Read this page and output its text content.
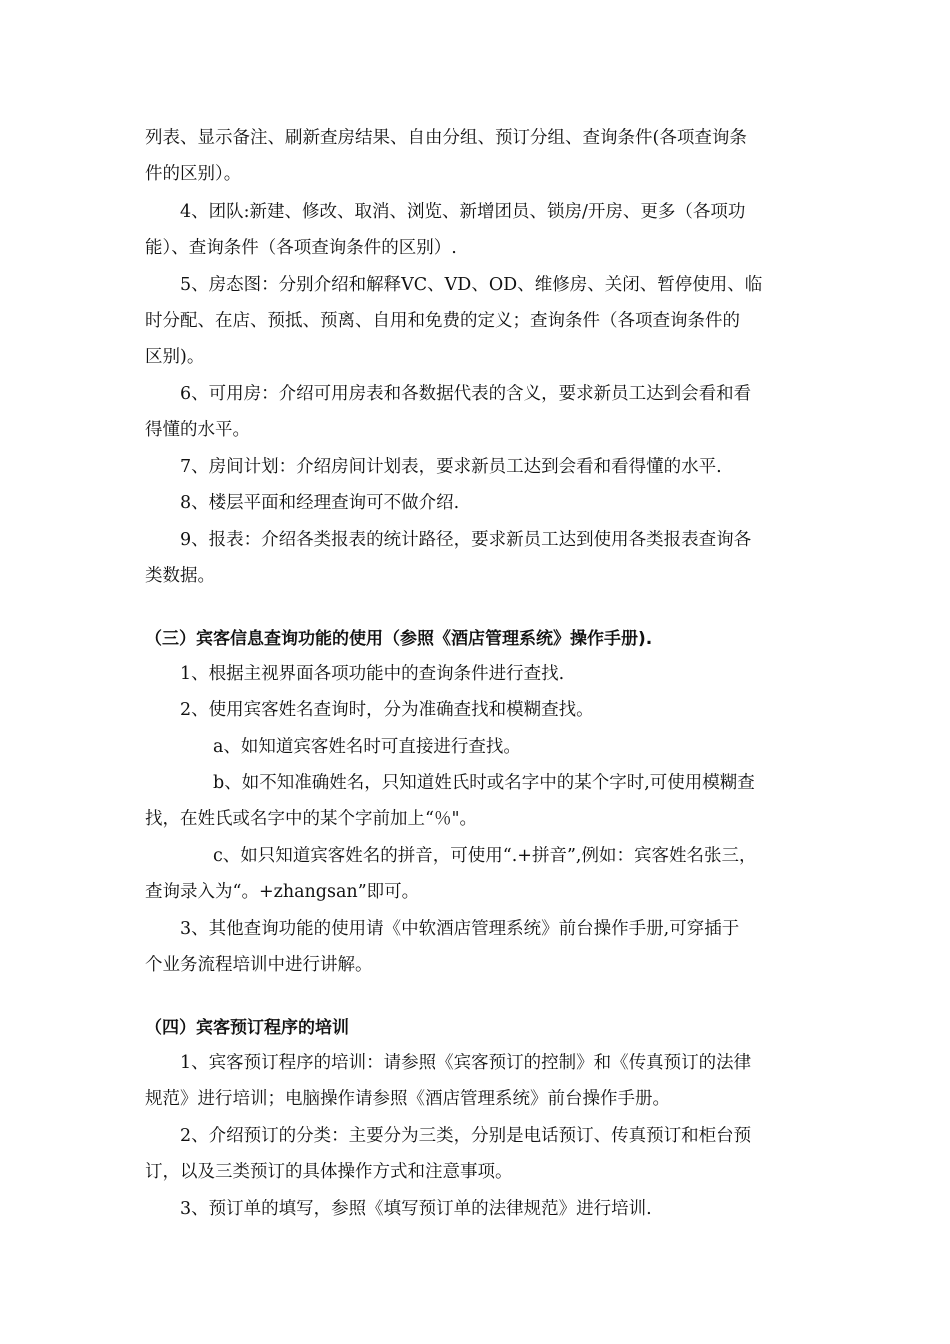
列表、显示备注、刷新查房结果、自由分组、预订分组、查询条件(各项查询条
件的区别）。
4、团队:新建、修改、取消、浏览、新增团员、锁房/开房、更多（各项功
能）、查询条件（各项查询条件的区别）.
5、房态图：分别介绍和解释VC、VD、OD、维修房、关闭、暂停使用、临
时分配、在店、预抵、预离、自用和免费的定义；查询条件（各项查询条件的
区别)。
6、可用房：介绍可用房表和各数据代表的含义，要求新员工达到会看和看
得懂的水平。
7、房间计划：介绍房间计划表，要求新员工达到会看和看得懂的水平.
8、楼层平面和经理查询可不做介绍.
9、报表：介绍各类报表的统计路径，要求新员工达到使用各类报表查询各
类数据。
（三）宾客信息查询功能的使用（参照《酒店管理系统》操作手册).
1、根据主视界面各项功能中的查询条件进行查找.
2、使用宾客姓名查询时，分为准确查找和模糊查找。
a、如知道宾客姓名时可直接进行查找。
b、如不知准确姓名，只知道姓氏时或名字中的某个字时,可使用模糊查
找，在姓氏或名字中的某个字前加上“％"。
c、如只知道宾客姓名的拼音，可使用“.+拼音”,例如：宾客姓名张三，
查询录入为“。+zhangsan”即可。
3、其他查询功能的使用请《中软酒店管理系统》前台操作手册,可穿插于
个业务流程培训中进行讲解。
（四）宾客预订程序的培训
1、宾客预订程序的培训：请参照《宾客预订的控制》和《传真预订的法律
规范》进行培训；电脑操作请参照《酒店管理系统》前台操作手册。
2、介绍预订的分类：主要分为三类，分别是电话预订、传真预订和柜台预
订，以及三类预订的具体操作方式和注意事项。
3、预订单的填写，参照《填写预订单的法律规范》进行培训.
